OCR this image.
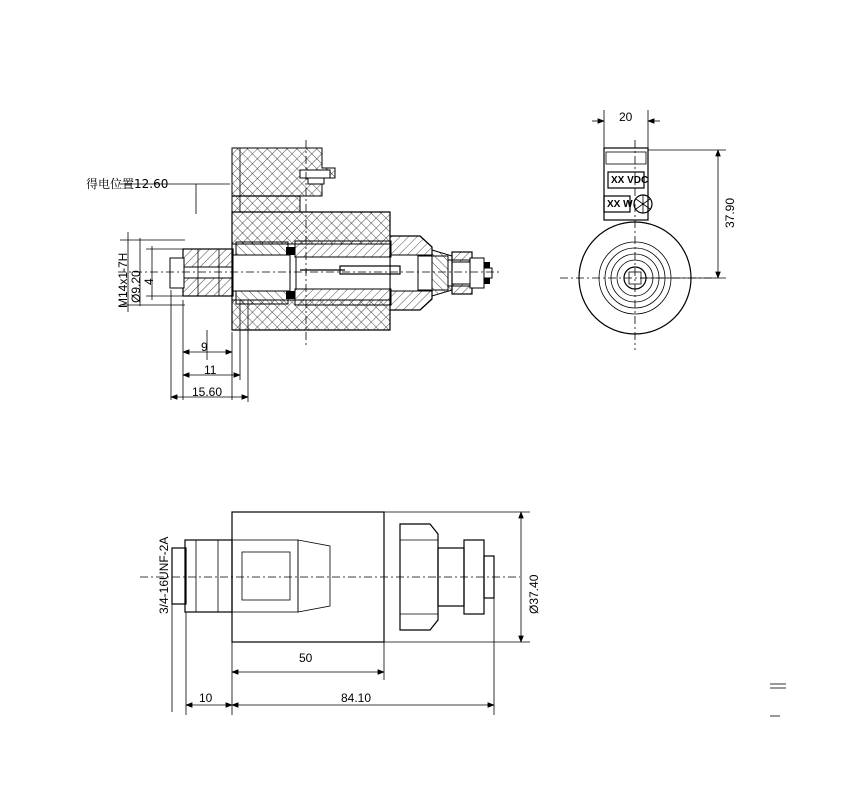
得电位置12.60
M14x1-7H Ø9.20 4
9
11
15.60
20
37.90
XX VDC
XX W
3/4-16UNF-2A	Ø37.40
50
10	84.10
